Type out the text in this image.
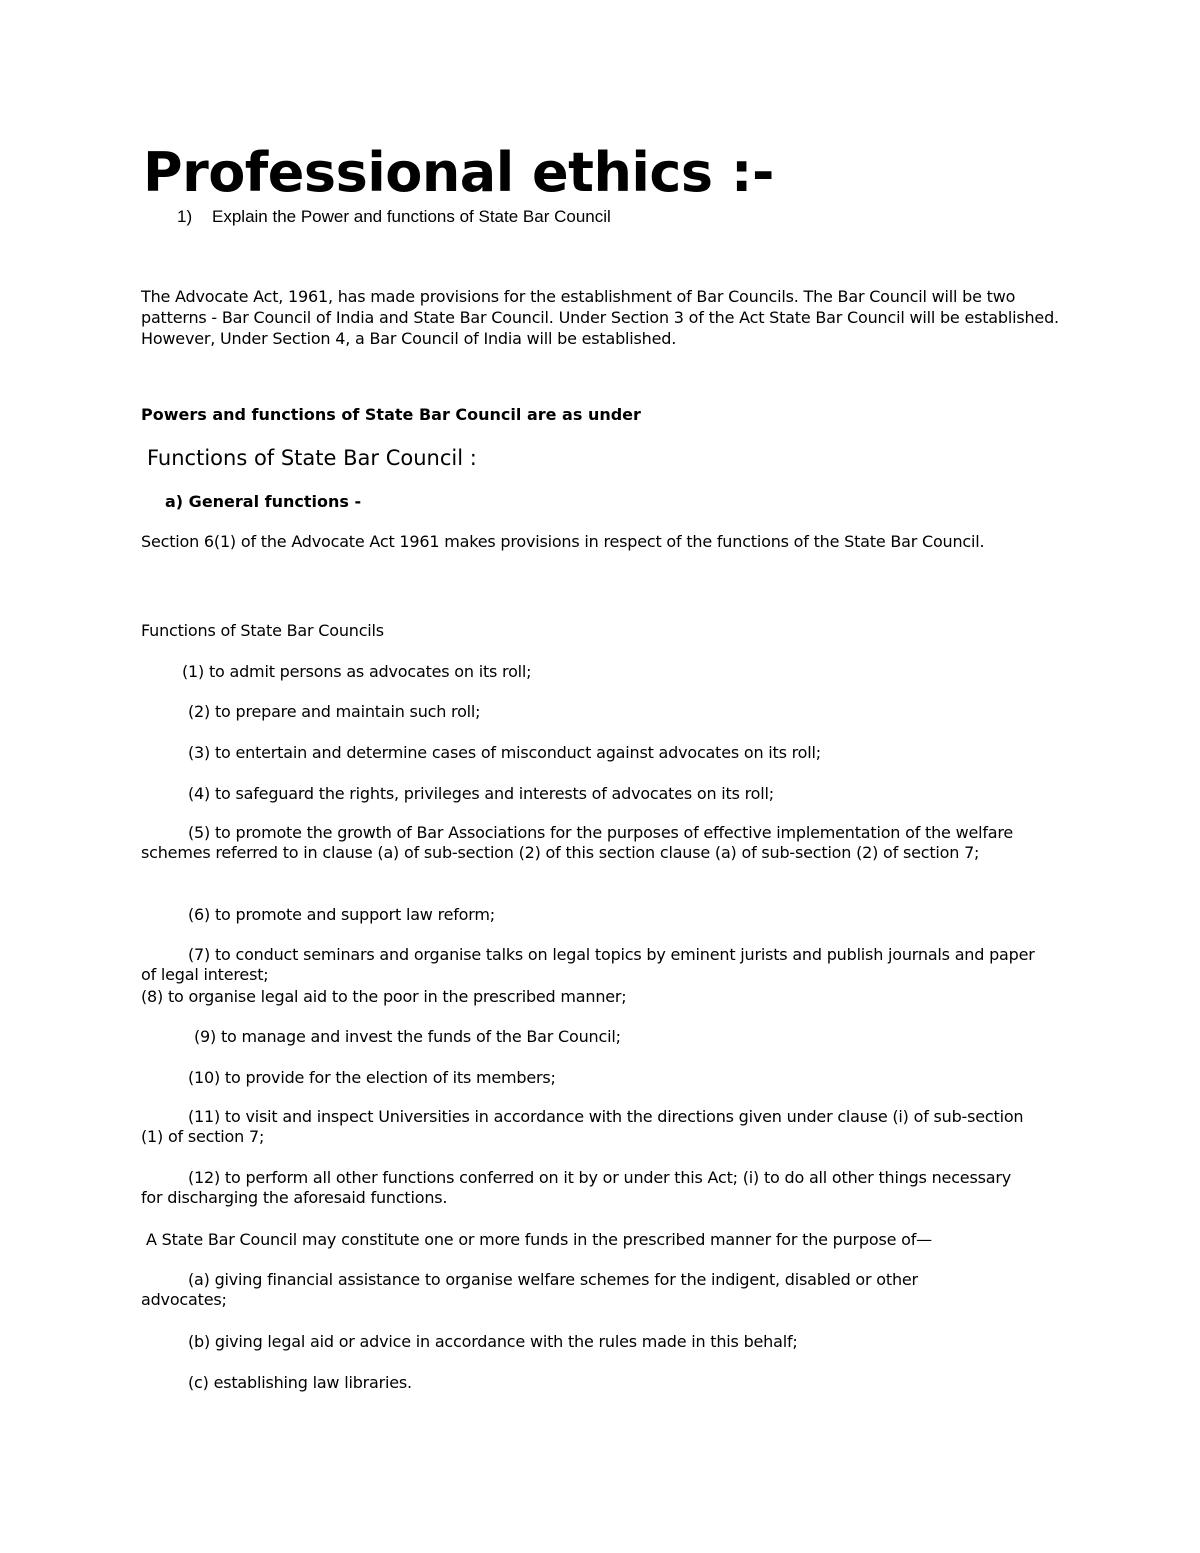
Professional ethics :-
1) Explain the Power and functions of State Bar Council

The Advocate Act, 1961, has made provisions for the establishment of Bar Councils. The Bar Council will be two patterns - Bar Council of India and State Bar Council. Under Section 3 of the Act State Bar Council will be established. However, Under Section 4, a Bar Council of India will be established.

Powers and functions of State Bar Council are as under

Functions of State Bar Council :

a) General functions -

Section 6(1) of the Advocate Act 1961 makes provisions in respect of the functions of the State Bar Council.

Functions of State Bar Councils

(1) to admit persons as advocates on its roll;

(2) to prepare and maintain such roll;

(3) to entertain and determine cases of misconduct against advocates on its roll;

(4) to safeguard the rights, privileges and interests of advocates on its roll;

(5) to promote the growth of Bar Associations for the purposes of effective implementation of the welfare schemes referred to in clause (a) of sub-section (2) of this section clause (a) of sub-section (2) of section 7;

(6) to promote and support law reform;

(7) to conduct seminars and organise talks on legal topics by eminent jurists and publish journals and paper of legal interest;

(8) to organise legal aid to the poor in the prescribed manner;

(9) to manage and invest the funds of the Bar Council;

(10) to provide for the election of its members;

(11) to visit and inspect Universities in accordance with the directions given under clause (i) of sub-section (1) of section 7;

(12) to perform all other functions conferred on it by or under this Act; (i) to do all other things necessary for discharging the aforesaid functions.

A State Bar Council may constitute one or more funds in the prescribed manner for the purpose of—

(a) giving financial assistance to organise welfare schemes for the indigent, disabled or other advocates;

(b) giving legal aid or advice in accordance with the rules made in this behalf;

(c) establishing law libraries.
